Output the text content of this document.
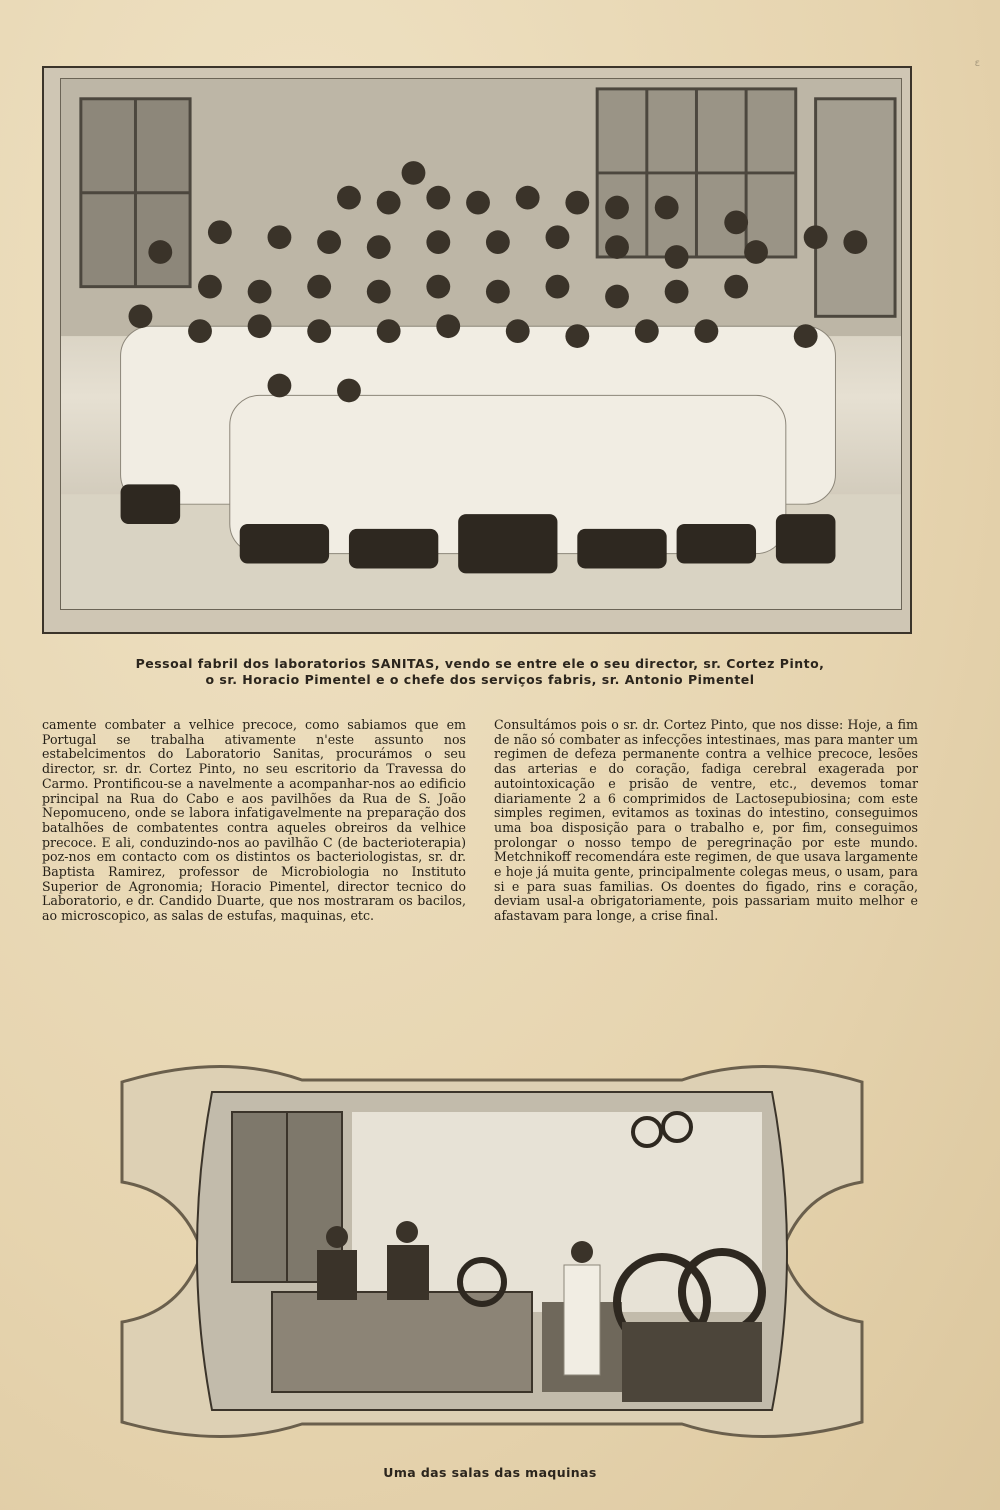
ε
Pessoal fabril dos laboratorios SANITAS, vendo se entre ele o seu director, sr. Cortez Pinto,
o sr. Horacio Pimentel e o chefe dos serviços fabris, sr. Antonio Pimentel

camente combater a velhice precoce, como sabiamos que em Portugal se trabalha ativamente n'este assunto nos estabelcimentos do Laboratorio Sanitas, procurámos o seu director, sr. dr. Cortez Pinto, no seu escritorio da Travessa do Carmo. Prontificou-se a navelmente a acompanhar-nos ao edificio principal na Rua do Cabo e aos pavilhões da Rua de S. João Nepomuceno, onde se labora infatigavelmente na preparação dos batalhões de combatentes contra aqueles obreiros da velhice precoce. E ali, conduzindo-nos ao pavilhão C (de bacterioterapia) poz-nos em contacto com os distintos os bacteriologistas, sr. dr. Baptista Ramirez, professor de Microbiologia no Instituto Superior de Agronomia; Horacio Pimentel, director tecnico do Laboratorio, e dr. Candido Duarte, que nos mostraram os bacilos, ao microscopico, as salas de estufas, maquinas, etc.

Consultámos pois o sr. dr. Cortez Pinto, que nos disse: Hoje, a fim de não só combater as infecções intestinaes, mas para manter um regimen de defeza permanente contra a velhice precoce, lesões das arterias e do coração, fadiga cerebral exagerada por autointoxicação e prisão de ventre, etc., devemos tomar diariamente 2 a 6 comprimidos de Lactosepubiosina; com este simples regimen, evitamos as toxinas do intestino, conseguimos uma boa disposição para o trabalho e, por fim, conseguimos prolongar o nosso tempo de peregrinação por este mundo. Metchnikoff recomendára este regimen, de que usava largamente e hoje já muita gente, principalmente colegas meus, o usam, para si e para suas familias. Os doentes do figado, rins e coração, deviam usal-a obrigatoriamente, pois passariam muito melhor e afastavam para longe, a crise final.

Uma das salas das maquinas
